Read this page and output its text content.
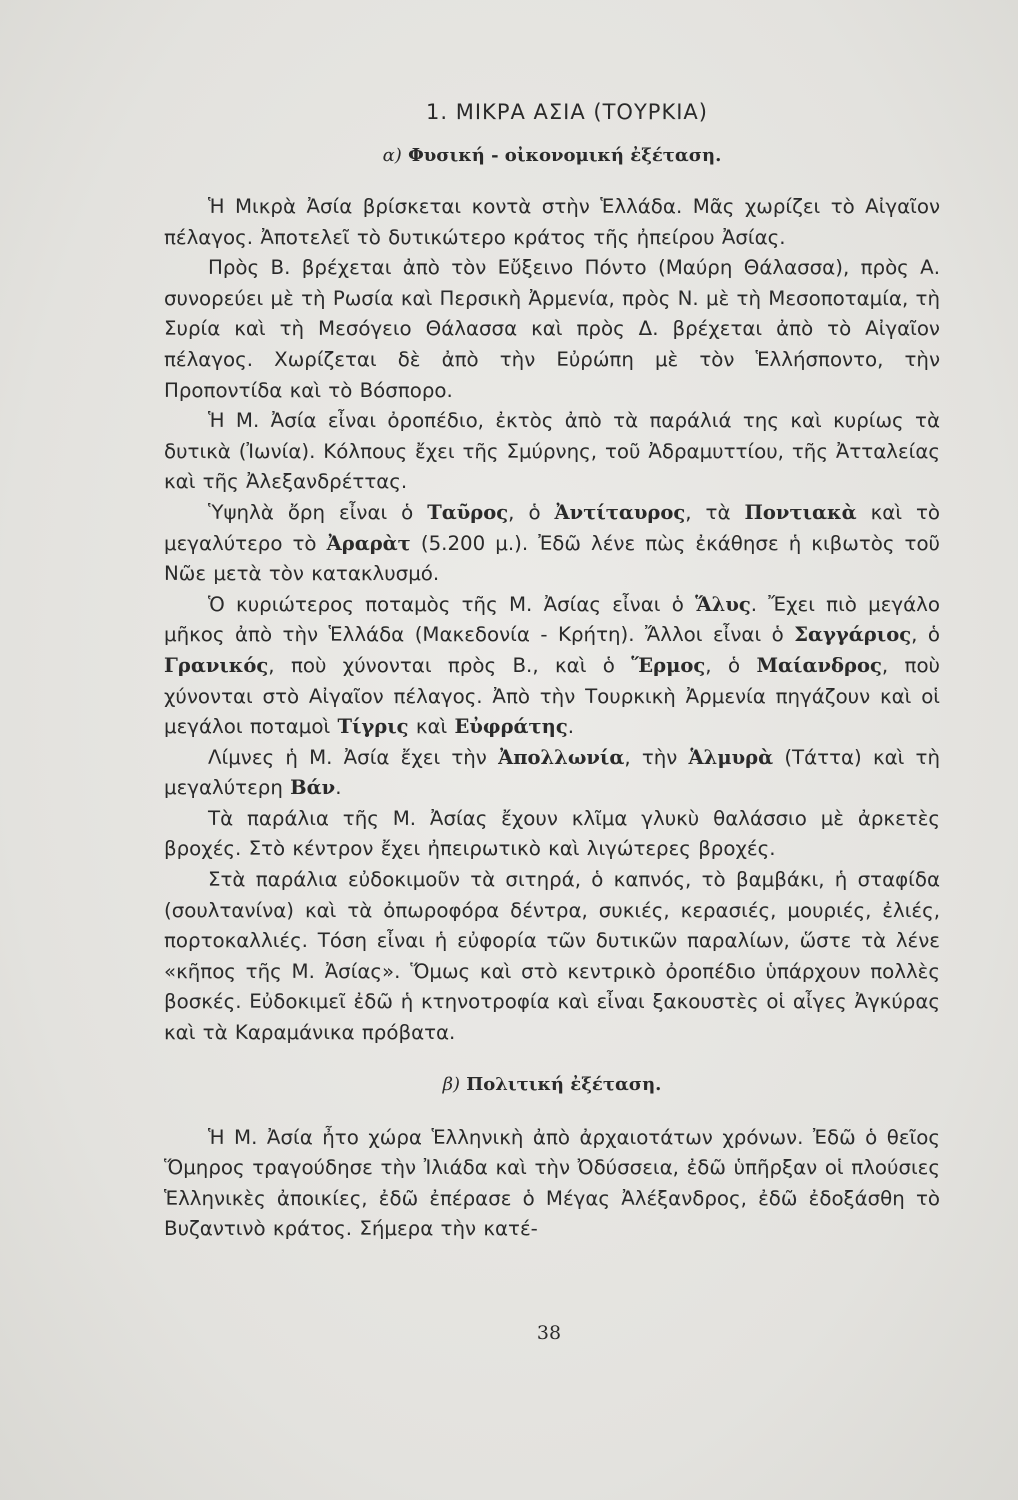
1. ΜΙΚΡΑ ΑΣΙΑ (ΤΟΥΡΚΙΑ)
α) Φυσική - οἰκονομική ἐξέταση.

Ἡ Μικρὰ Ἀσία βρίσκεται κοντὰ στὴν Ἑλλάδα. Μᾶς χωρίζει τὸ Αἰγαῖον πέλαγος. Ἀποτελεῖ τὸ δυτικώτερο κράτος τῆς ἠπείρου Ἀσίας.

Πρὸς Β. βρέχεται ἀπὸ τὸν Εὔξεινο Πόντο (Μαύρη Θάλασσα), πρὸς Α. συνορεύει μὲ τὴ Ρωσία καὶ Περσικὴ Ἀρμενία, πρὸς Ν. μὲ τὴ Μεσοποταμία, τὴ Συρία καὶ τὴ Μεσόγειο Θάλασσα καὶ πρὸς Δ. βρέχεται ἀπὸ τὸ Αἰγαῖον πέλαγος. Χωρίζεται δὲ ἀπὸ τὴν Εὐρώπη μὲ τὸν Ἑλλήσποντο, τὴν Προποντίδα καὶ τὸ Βόσπορο.

Ἡ Μ. Ἀσία εἶναι ὀροπέδιο, ἐκτὸς ἀπὸ τὰ παράλιά της καὶ κυρίως τὰ δυτικὰ (Ἰωνία). Κόλπους ἔχει τῆς Σμύρνης, τοῦ Ἀδραμυττίου, τῆς Ἀτταλείας καὶ τῆς Ἀλεξανδρέττας.

Ὑψηλὰ ὄρη εἶναι ὁ Ταῦρος, ὁ Ἀντίταυρος, τὰ Ποντιακὰ καὶ τὸ μεγαλύτερο τὸ Ἀραρὰτ (5.200 μ.). Ἐδῶ λένε πὼς ἐκάθησε ἡ κιβωτὸς τοῦ Νῶε μετὰ τὸν κατακλυσμό.

Ὁ κυριώτερος ποταμὸς τῆς Μ. Ἀσίας εἶναι ὁ Ἅλυς. Ἔχει πιὸ μεγάλο μῆκος ἀπὸ τὴν Ἑλλάδα (Μακεδονία - Κρήτη). Ἄλλοι εἶναι ὁ Σαγγάριος, ὁ Γρανικός, ποὺ χύνονται πρὸς Β., καὶ ὁ Ἕρμος, ὁ Μαίανδρος, ποὺ χύνονται στὸ Αἰγαῖον πέλαγος. Ἀπὸ τὴν Τουρκικὴ Ἀρμενία πηγάζουν καὶ οἱ μεγάλοι ποταμοὶ Τίγρις καὶ Εὐφράτης.

Λίμνες ἡ Μ. Ἀσία ἔχει τὴν Ἀπολλωνία, τὴν Ἁλμυρὰ (Τάττα) καὶ τὴ μεγαλύτερη Βάν.

Τὰ παράλια τῆς Μ. Ἀσίας ἔχουν κλῖμα γλυκὺ θαλάσσιο μὲ ἀρκετὲς βροχές. Στὸ κέντρον ἔχει ἠπειρωτικὸ καὶ λιγώτερες βροχές.

Στὰ παράλια εὐδοκιμοῦν τὰ σιτηρά, ὁ καπνός, τὸ βαμβάκι, ἡ σταφίδα (σουλτανίνα) καὶ τὰ ὀπωροφόρα δέντρα, συκιές, κερασιές, μουριές, ἐλιές, πορτοκαλλιές. Τόση εἶναι ἡ εὐφορία τῶν δυτικῶν παραλίων, ὥστε τὰ λένε «κῆπος τῆς Μ. Ἀσίας». Ὅμως καὶ στὸ κεντρικὸ ὀροπέδιο ὑπάρχουν πολλὲς βοσκές. Εὐδοκιμεῖ ἐδῶ ἡ κτηνοτροφία καὶ εἶναι ξακουστὲς οἱ αἶγες Ἀγκύρας καὶ τὰ Καραμάνικα πρόβατα.

β) Πολιτική ἐξέταση.

Ἡ Μ. Ἀσία ἦτο χώρα Ἑλληνικὴ ἀπὸ ἀρχαιοτάτων χρόνων. Ἐδῶ ὁ θεῖος Ὅμηρος τραγούδησε τὴν Ἰλιάδα καὶ τὴν Ὀδύσσεια, ἐδῶ ὑπῆρξαν οἱ πλούσιες Ἑλληνικὲς ἀποικίες, ἐδῶ ἐπέρασε ὁ Μέγας Ἀλέξανδρος, ἐδῶ ἐδοξάσθη τὸ Βυζαντινὸ κράτος. Σήμερα τὴν κατέ-

38
